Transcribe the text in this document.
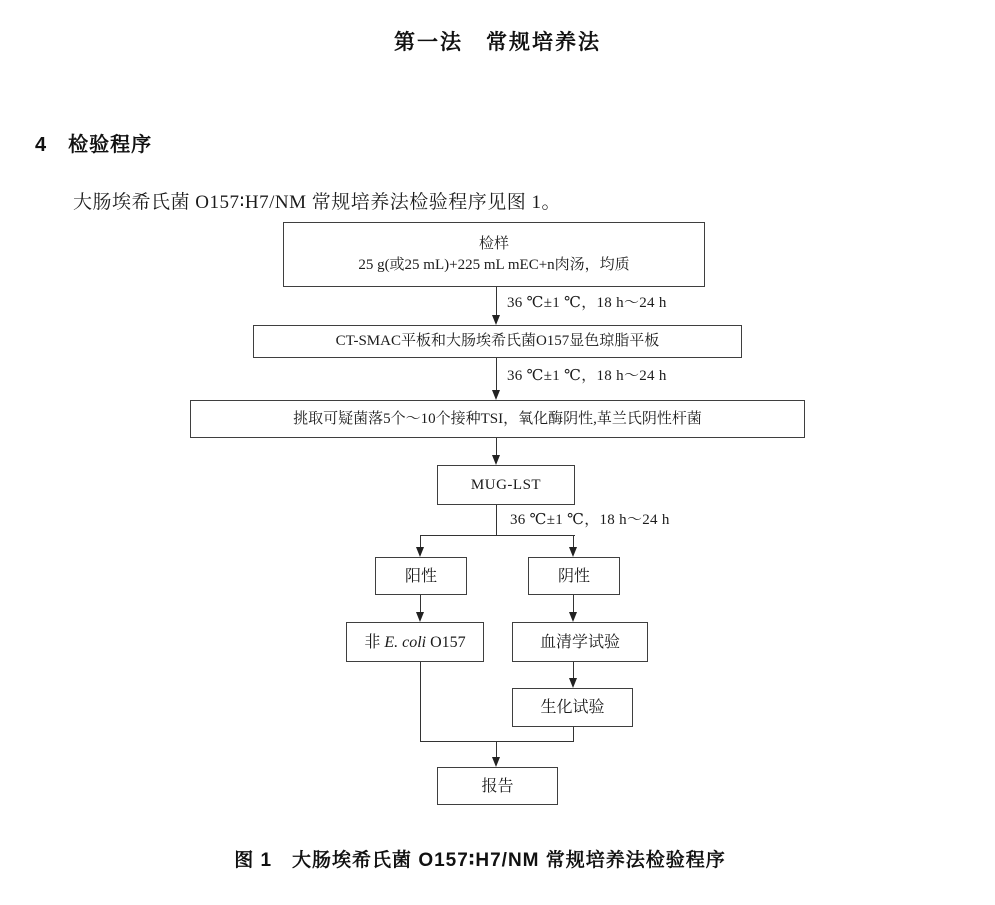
第一法　常规培养法
4　检验程序
大肠埃希氏菌 O157∶H7/NM 常规培养法检验程序见图 1。
检样
25 g(或25 mL)+225 mL mEC+n肉汤，均质
36 ℃±1 ℃，18 h～24 h
CT-SMAC平板和大肠埃希氏菌O157显色琼脂平板
36 ℃±1 ℃，18 h～24 h
挑取可疑菌落5个～10个接种TSI，氧化酶阴性,革兰氏阴性杆菌
MUG-LST
36 ℃±1 ℃，18 h～24 h
阳性	阴性
非 E. coli O157	血清学试验
生化试验
报告
图 1　大肠埃希氏菌 O157∶H7/NM 常规培养法检验程序
